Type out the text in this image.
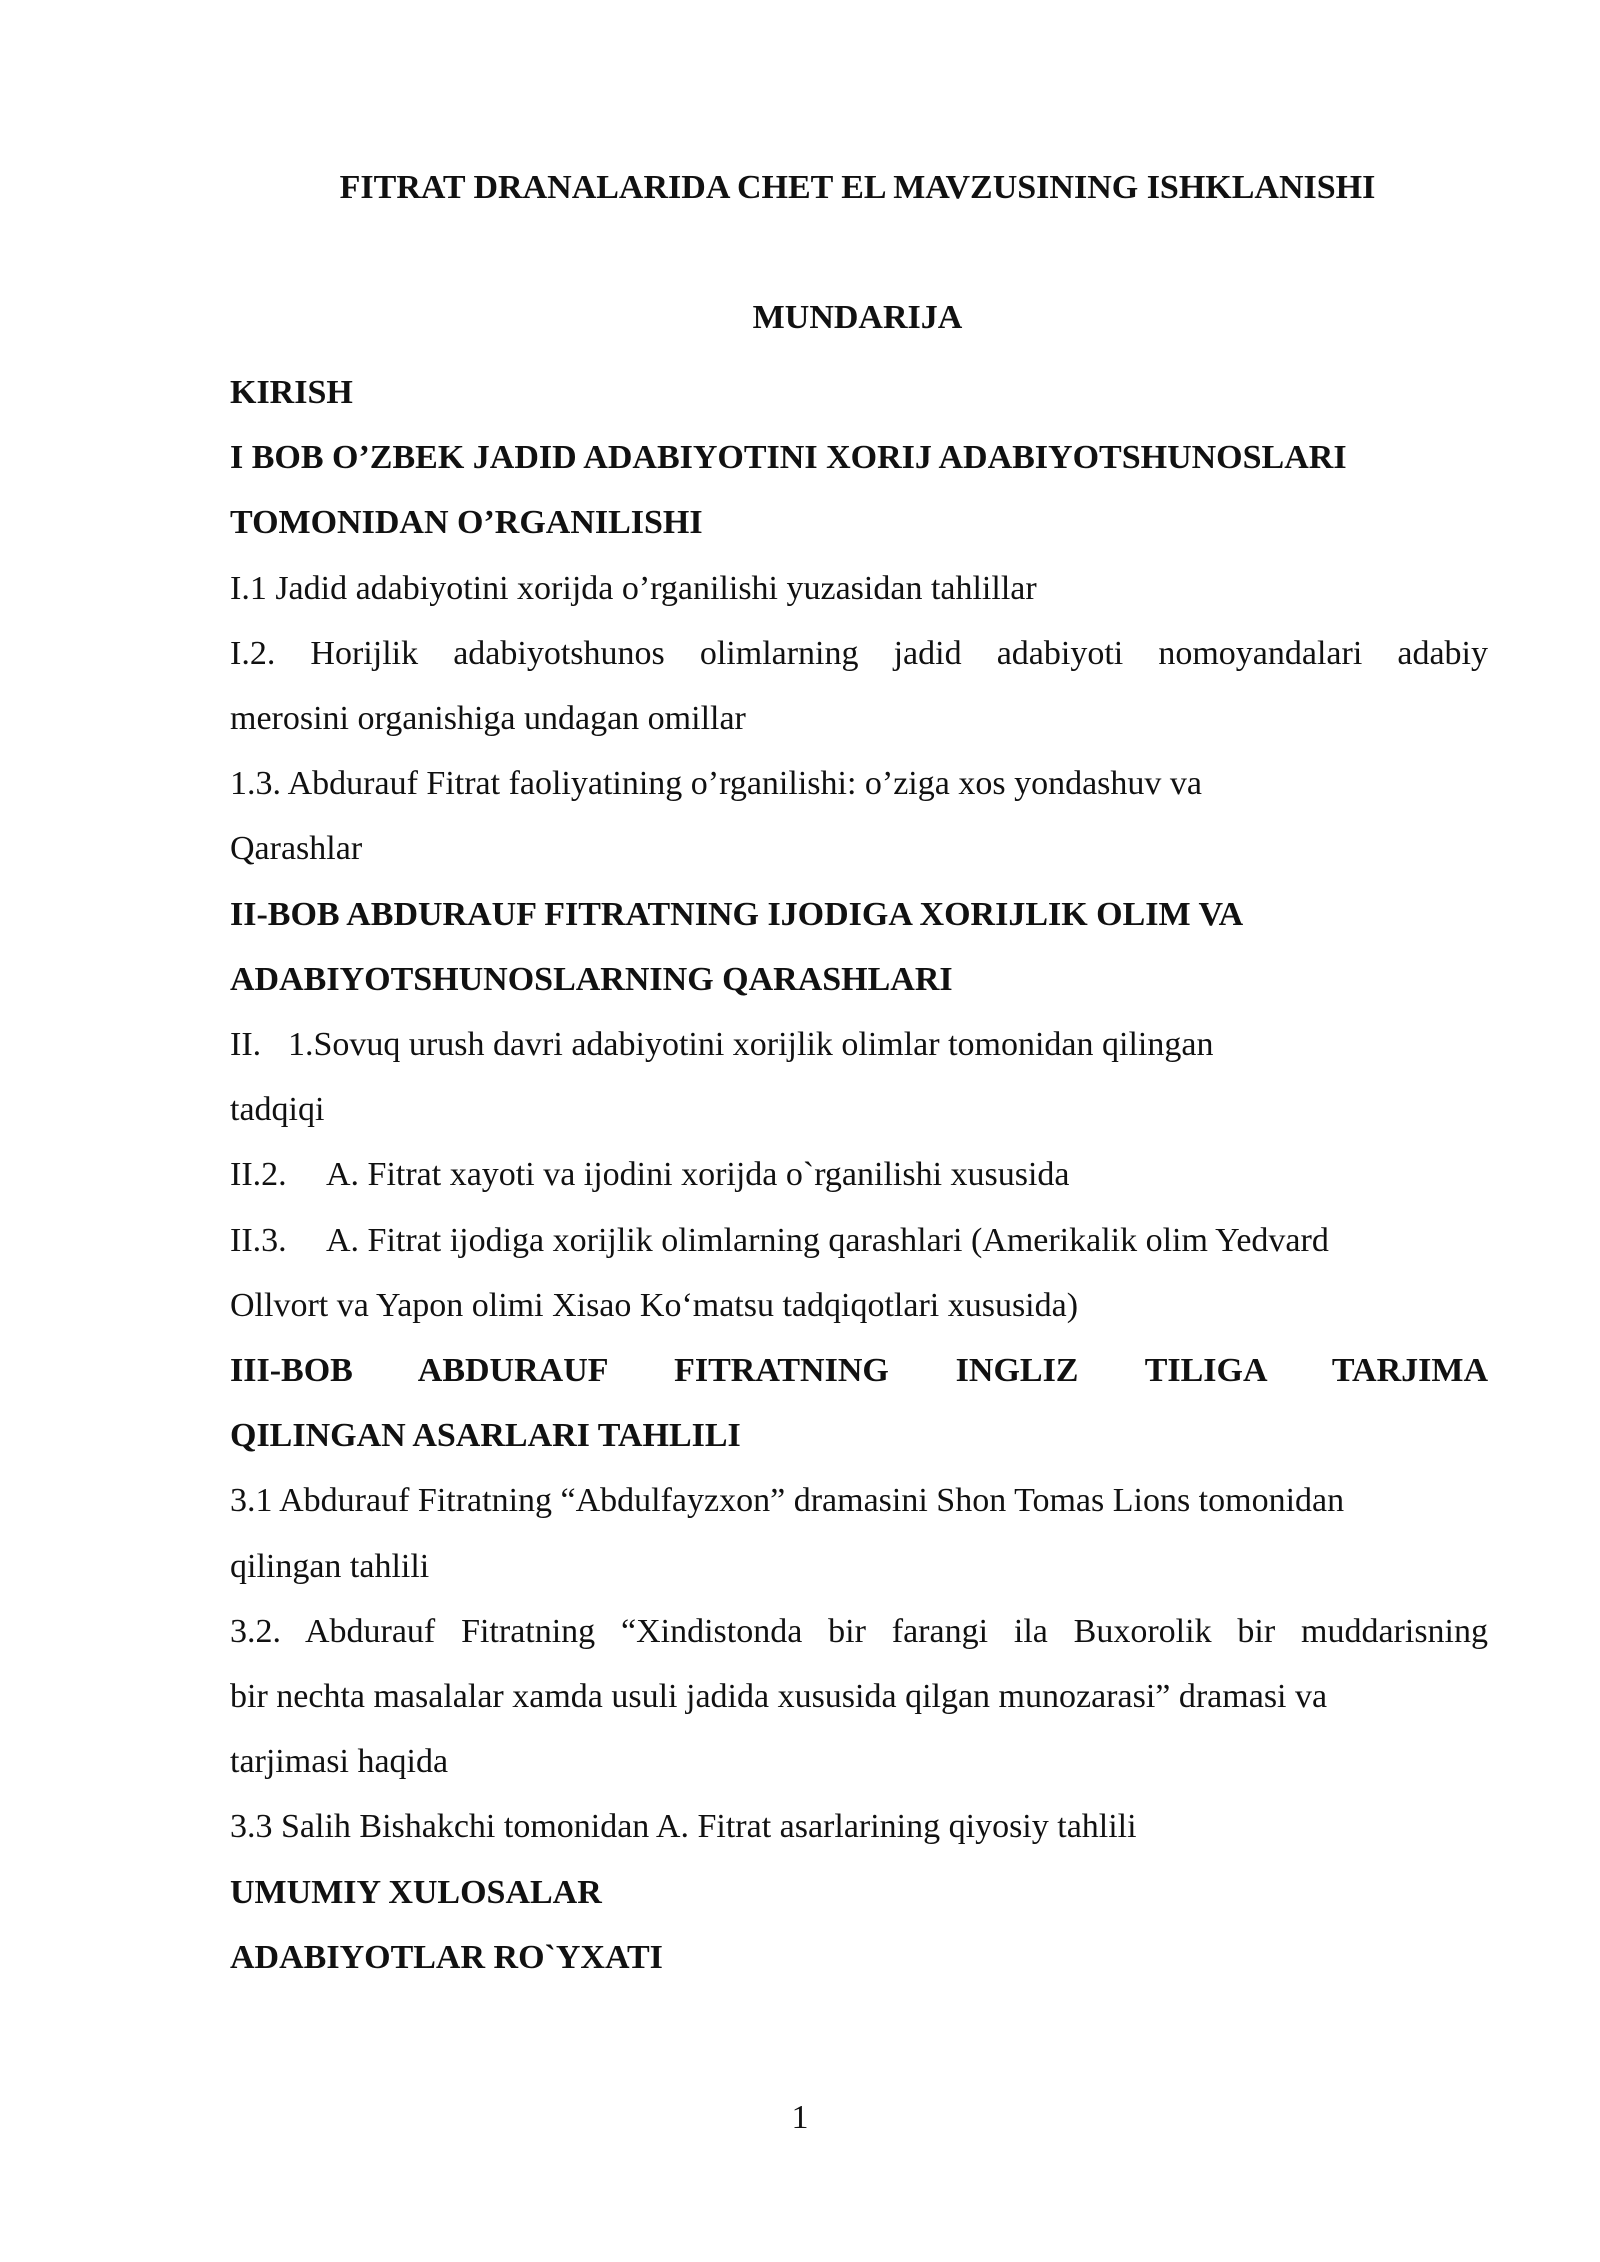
FITRAT DRANALARIDA CHET EL MAVZUSINING ISHKLANISHI
MUNDARIJA

KIRISH

I BOB O’ZBEK JADID ADABIYOTINI XORIJ ADABIYOTSHUNOSLARI

TOMONIDAN O’RGANILISHI

I.1 Jadid adabiyotini xorijda o’rganilishi yuzasidan tahlillar

I.2. Horijlik adabiyotshunos olimlarning jadid adabiyoti nomoyandalari adabiy

merosini organishiga undagan omillar

1.3. Abdurauf Fitrat faoliyatining o’rganilishi: o’ziga xos yondashuv va

Qarashlar

II-BOB ABDURAUF FITRATNING IJODIGA XORIJLIK OLIM VA

ADABIYOTSHUNOSLARNING QARASHLARI

II. 1.Sovuq urush davri adabiyotini xorijlik olimlar tomonidan qilingan

tadqiqi

II.2. A. Fitrat xayoti va ijodini xorijda o`rganilishi xususida

II.3. A. Fitrat ijodiga xorijlik olimlarning qarashlari (Amerikalik olim Yedvard

Ollvort va Yapon olimi Xisao Ko‘matsu tadqiqotlari xususida)

III-BOB ABDURAUF FITRATNING INGLIZ TILIGA TARJIMA

QILINGAN ASARLARI TAHLILI

3.1 Abdurauf Fitratning “Abdulfayzxon” dramasini Shon Tomas Lions tomonidan

qilingan tahlili

3.2. Abdurauf Fitratning “Xindistonda bir farangi ila Buxorolik bir muddarisning

bir nechta masalalar xamda usuli jadida xususida qilgan munozarasi” dramasi va

tarjimasi haqida

3.3 Salih Bishakchi tomonidan A. Fitrat asarlarining qiyosiy tahlili

UMUMIY XULOSALAR

ADABIYOTLAR RO`YXATI

1
